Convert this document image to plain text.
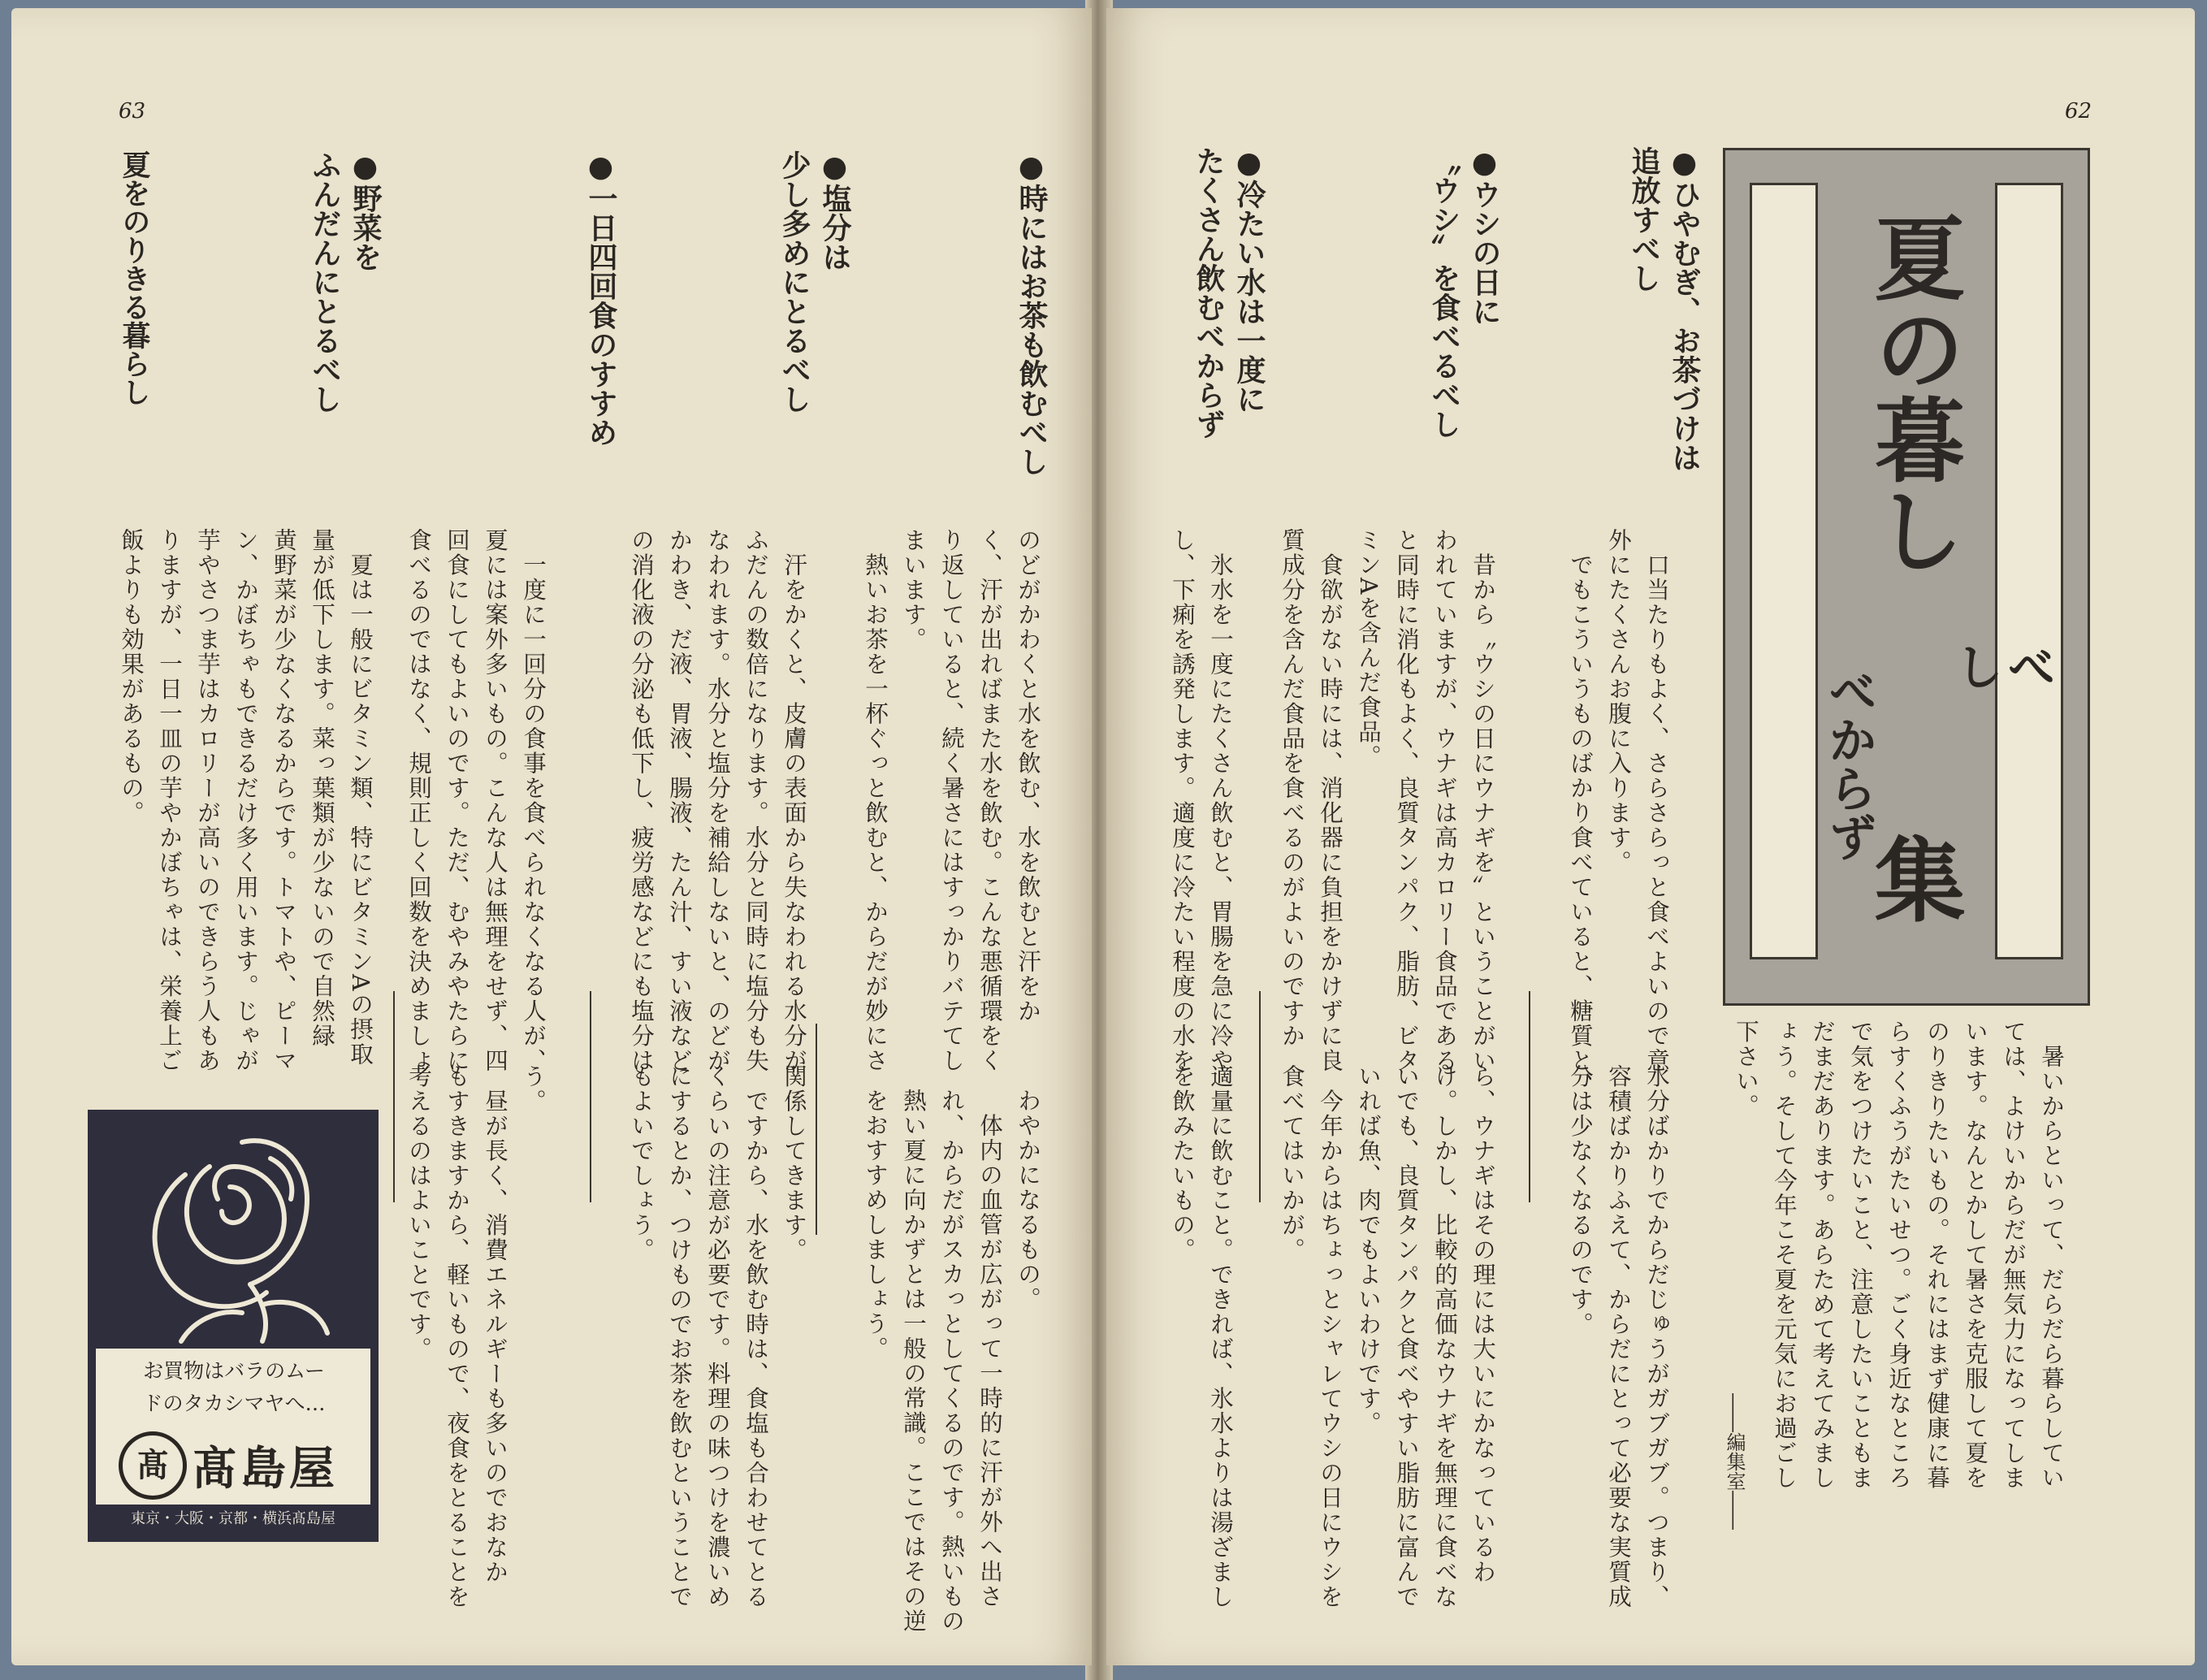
63
●時にはお茶も飲むべし
●塩分は
少し多めにとるべし
●一日四回食のすすめ
●野菜を
ふんだんにとるべし
夏をのりきる暮らし
のどがかわくと水を飲む、水を飲むと汗をか
く、汗が出ればまた水を飲む。こんな悪循環をく
り返していると、続く暑さにはすっかりバテてし
まいます。
　熱いお茶を一杯ぐっと飲むと、からだが妙にさ
わやかになるもの。
　体内の血管が広がって一時的に汗が外へ出さ
れ、からだがスカっとしてくるのです。熱いもの
熱い夏に向かずとは一般の常識。ここではその逆
をおすすめしましょう。
　汗をかくと、皮膚の表面から失なわれる水分が
ふだんの数倍になります。水分と同時に塩分も失
なわれます。水分と塩分を補給しないと、のどが
かわき、だ液、胃液、腸液、たん汁、すい液など
の消化液の分泌も低下し、疲労感などにも塩分は
関係してきます。
　ですから、水を飲む時は、食塩も合わせてとる
くらいの注意が必要です。料理の味つけを濃いめ
にするとか、つけものでお茶を飲むということで
もよいでしょう。
　一度に一回分の食事を食べられなくなる人が、
夏には案外多いもの。こんな人は無理をせず、四
回食にしてもよいのです。ただ、むやみやたらに
食べるのではなく、規則正しく回数を決めましょ
う。
　昼が長く、消費エネルギーも多いのでおなか
もすきますから、軽いもので、夜食をとることを
考えるのはよいことです。
　夏は一般にビタミン類、特にビタミンAの摂取
量が低下します。菜っ葉類が少ないので自然緑
黄野菜が少なくなるからです。トマトや、ピーマ
ン、かぼちゃもできるだけ多く用います。じゃが
芋やさつま芋はカロリーが高いのできらう人もあ
りますが、一日一皿の芋やかぼちゃは、栄養上ご
飯よりも効果があるもの。
お買物はバラのムー
ドのタカシマヤへ…
髙 髙島屋
東京・大阪・京都・横浜髙島屋
62
夏の暮し
べ
し
べからず
集
　暑いからといって、だらだら暮らしてい
ては、よけいからだが無気力になってしま
います。なんとかして暑さを克服して夏を
のりきりたいもの。それにはまず健康に暮
らすくふうがたいせつ。ごく身近なところ
で気をつけたいこと、注意したいこともま
だまだあります。あらためて考えてみまし
ょう。そして今年こそ夏を元気にお過ごし
下さい。
――編集室――
●ひやむぎ、お茶づけは
追放すべし
●ウシの日に
〝ウシ〟を食べるべし
●冷たい水は一度に
たくさん飲むべからず
　口当たりもよく、さらさらっと食べよいので意
外にたくさんお腹に入ります。
　でもこういうものばかり食べていると、糖質と、
水分ばかりでからだじゅうがガブガブ。つまり、
容積ばかりふえて、からだにとって必要な実質成
分は少なくなるのです。
　昔から〝ウシの日にウナギを〟ということがい
われていますが、ウナギは高カロリー食品である
と同時に消化もよく、良質タンパク、脂肪、ビタ
ミンAを含んだ食品。
　食欲がない時には、消化器に負担をかけずに良
質成分を含んだ食品を食べるのがよいのですか
ら、ウナギはその理には大いにかなっているわ
け。しかし、比較的高価なウナギを無理に食べな
いでも、良質タンパクと食べやすい脂肪に富んで
いれば魚、肉でもよいわけです。
　今年からはちょっとシャレてウシの日にウシを
食べてはいかが。
　氷水を一度にたくさん飲むと、胃腸を急に冷や
し、下痢を誘発します。適度に冷たい程度の水を
適量に飲むこと。できれば、氷水よりは湯ざまし
を飲みたいもの。
